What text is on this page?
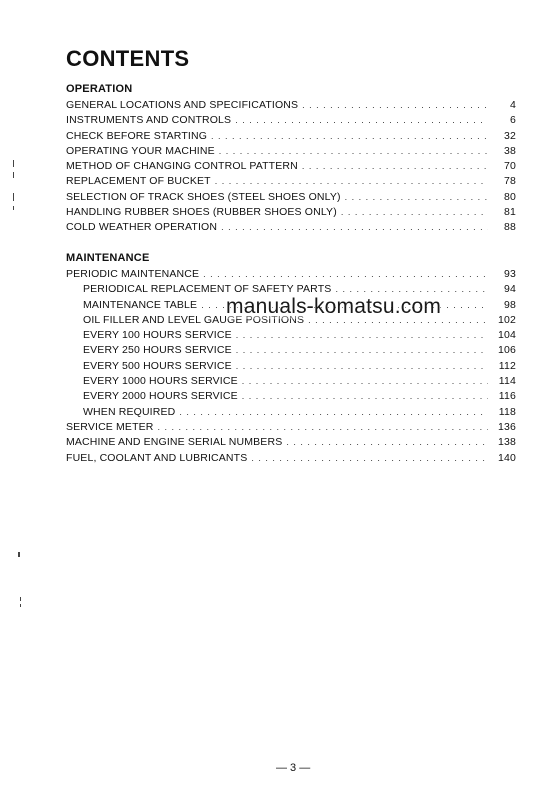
CONTENTS
OPERATION
GENERAL LOCATIONS AND SPECIFICATIONS . . .	4
INSTRUMENTS AND CONTROLS . . .	6
CHECK BEFORE STARTING . . .	32
OPERATING YOUR MACHINE . . .	38
METHOD OF CHANGING CONTROL PATTERN . . .	70
REPLACEMENT OF BUCKET . . .	78
SELECTION OF TRACK SHOES (STEEL SHOES ONLY) . . .	80
HANDLING RUBBER SHOES (RUBBER SHOES ONLY) . . .	81
COLD WEATHER OPERATION . . .	88
MAINTENANCE
PERIODIC MAINTENANCE . . .	93
PERIODICAL REPLACEMENT OF SAFETY PARTS . . .	94
MAINTENANCE TABLE . . .	98
OIL FILLER AND LEVEL GAUGE POSITIONS . . .	102
EVERY 100 HOURS SERVICE . . .	104
EVERY 250 HOURS SERVICE . . .	106
EVERY 500 HOURS SERVICE . . .	112
EVERY 1000 HOURS SERVICE . . .	114
EVERY 2000 HOURS SERVICE . . .	116
WHEN REQUIRED . . .	118
SERVICE METER . . .	136
MACHINE AND ENGINE SERIAL NUMBERS . . .	138
FUEL, COOLANT AND LUBRICANTS . . .	140
manuals-komatsu.com
— 3 —
